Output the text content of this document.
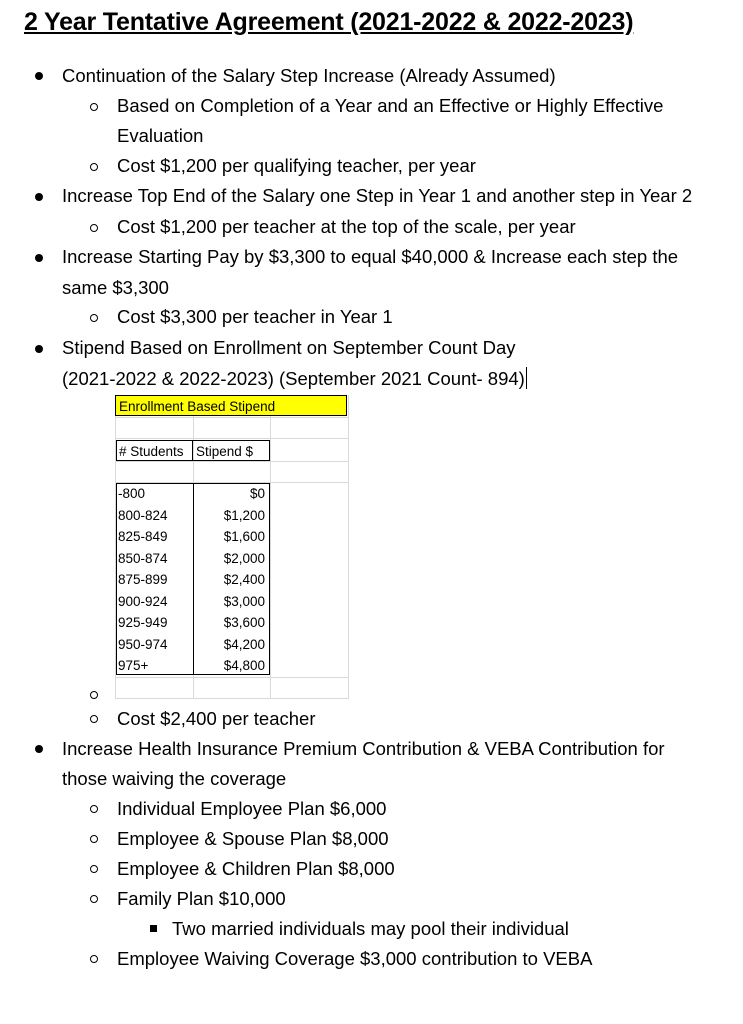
2 Year Tentative Agreement (2021-2022 & 2022-2023)
Continuation of the Salary Step Increase (Already Assumed)
Based on Completion of a Year and an Effective or Highly Effective
Evaluation
Cost $1,200 per qualifying teacher, per year
Increase Top End of the Salary one Step in Year 1 and another step in Year 2
Cost $1,200 per teacher at the top of the scale, per year
Increase Starting Pay by $3,300 to equal $40,000 & Increase each step the
same $3,300
Cost $3,300 per teacher in Year 1
Stipend Based on Enrollment on September Count Day
(2021-2022 & 2022-2023) (September 2021 Count- 894)
Enrollment Based Stipend
# Students Stipend $
-800	$0
800-824	$1,200
825-849	$1,600
850-874	$2,000
875-899	$2,400
900-924	$3,000
925-949	$3,600
950-974	$4,200
975+	$4,800
Cost $2,400 per teacher
Increase Health Insurance Premium Contribution & VEBA Contribution for
those waiving the coverage
Individual Employee Plan $6,000
Employee & Spouse Plan $8,000
Employee & Children Plan $8,000
Family Plan $10,000
Two married individuals may pool their individual
Employee Waiving Coverage $3,000 contribution to VEBA
